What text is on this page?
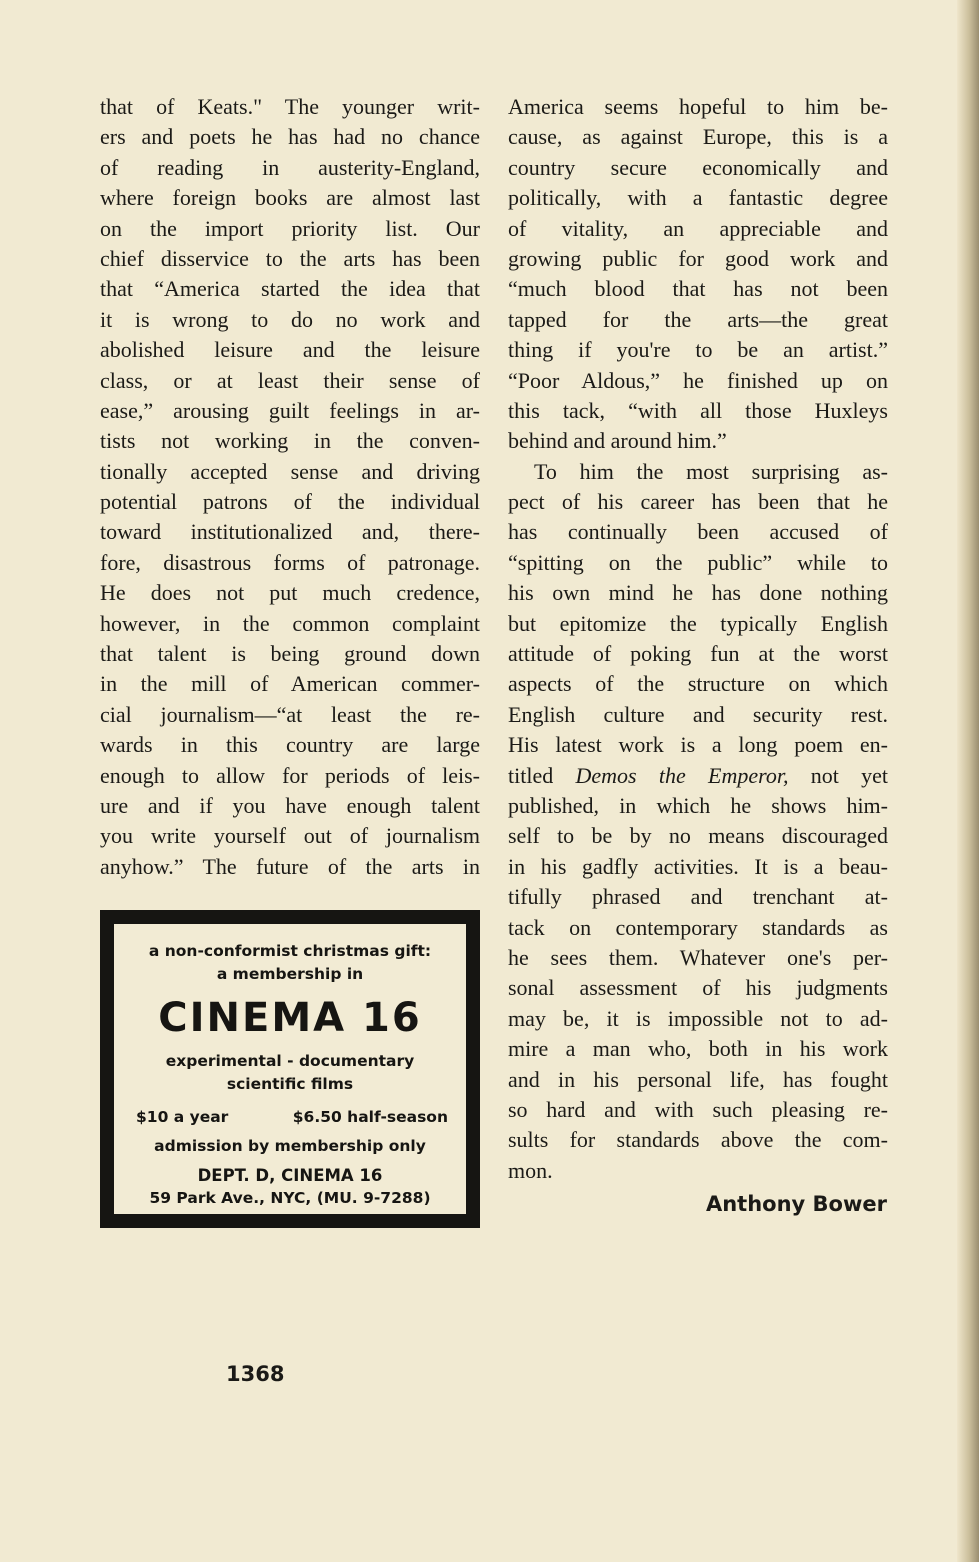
that of Keats." The younger writ-
ers and poets he has had no chance
of reading in austerity-England,
where foreign books are almost last
on the import priority list. Our
chief disservice to the arts has been
that “America started the idea that
it is wrong to do no work and
abolished leisure and the leisure
class, or at least their sense of
ease,” arousing guilt feelings in ar-
tists not working in the conven-
tionally accepted sense and driving
potential patrons of the individual
toward institutionalized and, there-
fore, disastrous forms of patronage.
He does not put much credence,
however, in the common complaint
that talent is being ground down
in the mill of American commer-
cial journalism—“at least the re-
wards in this country are large
enough to allow for periods of leis-
ure and if you have enough talent
you write yourself out of journalism
anyhow.” The future of the arts in
America seems hopeful to him be-
cause, as against Europe, this is a
country secure economically and
politically, with a fantastic degree
of vitality, an appreciable and
growing public for good work and
“much blood that has not been
tapped for the arts—the great
thing if you're to be an artist.”
“Poor Aldous,” he finished up on
this tack, “with all those Huxleys
behind and around him.”
To him the most surprising as-
pect of his career has been that he
has continually been accused of
“spitting on the public” while to
his own mind he has done nothing
but epitomize the typically English
attitude of poking fun at the worst
aspects of the structure on which
English culture and security rest.
His latest work is a long poem en-
titled Demos the Emperor, not yet
published, in which he shows him-
self to be by no means discouraged
in his gadfly activities. It is a beau-
tifully phrased and trenchant at-
tack on contemporary standards as
he sees them. Whatever one's per-
sonal assessment of his judgments
may be, it is impossible not to ad-
mire a man who, both in his work
and in his personal life, has fought
so hard and with such pleasing re-
sults for standards above the com-
mon.
a non-conformist christmas gift:
a membership in
CINEMA 16
experimental - documentary
scientific films
$10 a year	$6.50 half-season
admission by membership only
DEPT. D, CINEMA 16
59 Park Ave., NYC, (MU. 9-7288)	Anthony Bower
1368
